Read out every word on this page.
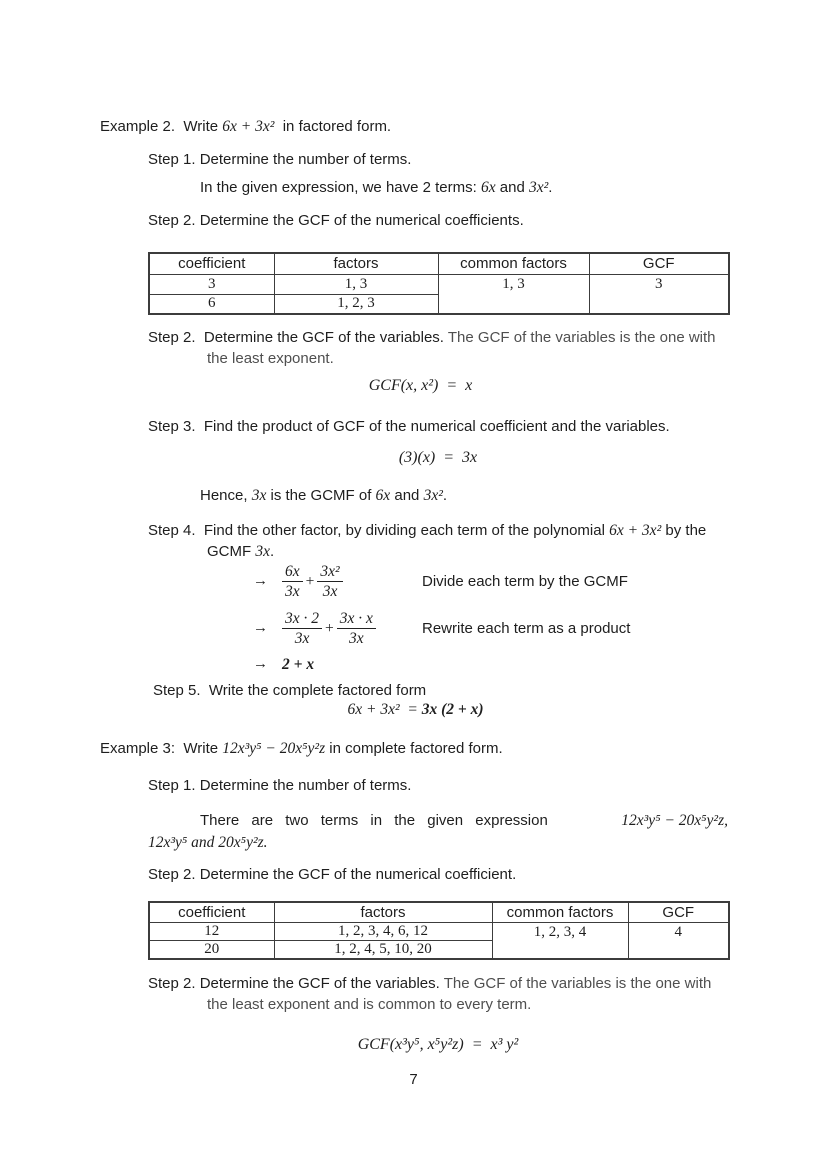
Example 2.  Write 6x + 3x²  in factored form.
Step 1. Determine the number of terms.
In the given expression, we have 2 terms: 6x and 3x².
Step 2. Determine the GCF of the numerical coefficients.
coefficient	factors	common factors	GCF
3	1, 3	1, 3	3
6	1, 2, 3		
Step 2.  Determine the GCF of the variables. The GCF of the variables is the one with
the least exponent.
GCF(x, x²)  =  x
Step 3.  Find the product of GCF of the numerical coefficient and the variables.
(3)(x)  =  3x
Hence, 3x is the GCMF of 6x and 3x².
Step 4.  Find the other factor, by dividing each term of the polynomial 6x + 3x² by the
GCMF 3x.
→ $\frac{6x}{3x} + \frac{\text{3x²}}{3x}$	Divide each term by the GCMF
→ $\frac{3x \cdot 2}{3x} + \frac{3x \cdot x}{3x}$	Rewrite each term as a product
→ 2 + x
Step 5.  Write the complete factored form
6x + 3x²  = 3x (2 + x)
Example 3:  Write 12x³y⁵ − 20x⁵y²z in complete factored form.
Step 1. Determine the number of terms.
There are two terms in the given expression	12x³y⁵ − 20x⁵y²z,
12x³y⁵ and 20x⁵y²z.
Step 2. Determine the GCF of the numerical coefficient.
coefficient	factors	common factors	GCF
12	1, 2, 3, 4, 6, 12	1, 2, 3, 4	4
20	1, 2, 4, 5, 10, 20		
Step 2. Determine the GCF of the variables. The GCF of the variables is the one with
the least exponent and is common to every term.
GCF(x³y⁵, x⁵y²z)  =  x³ y²
7
